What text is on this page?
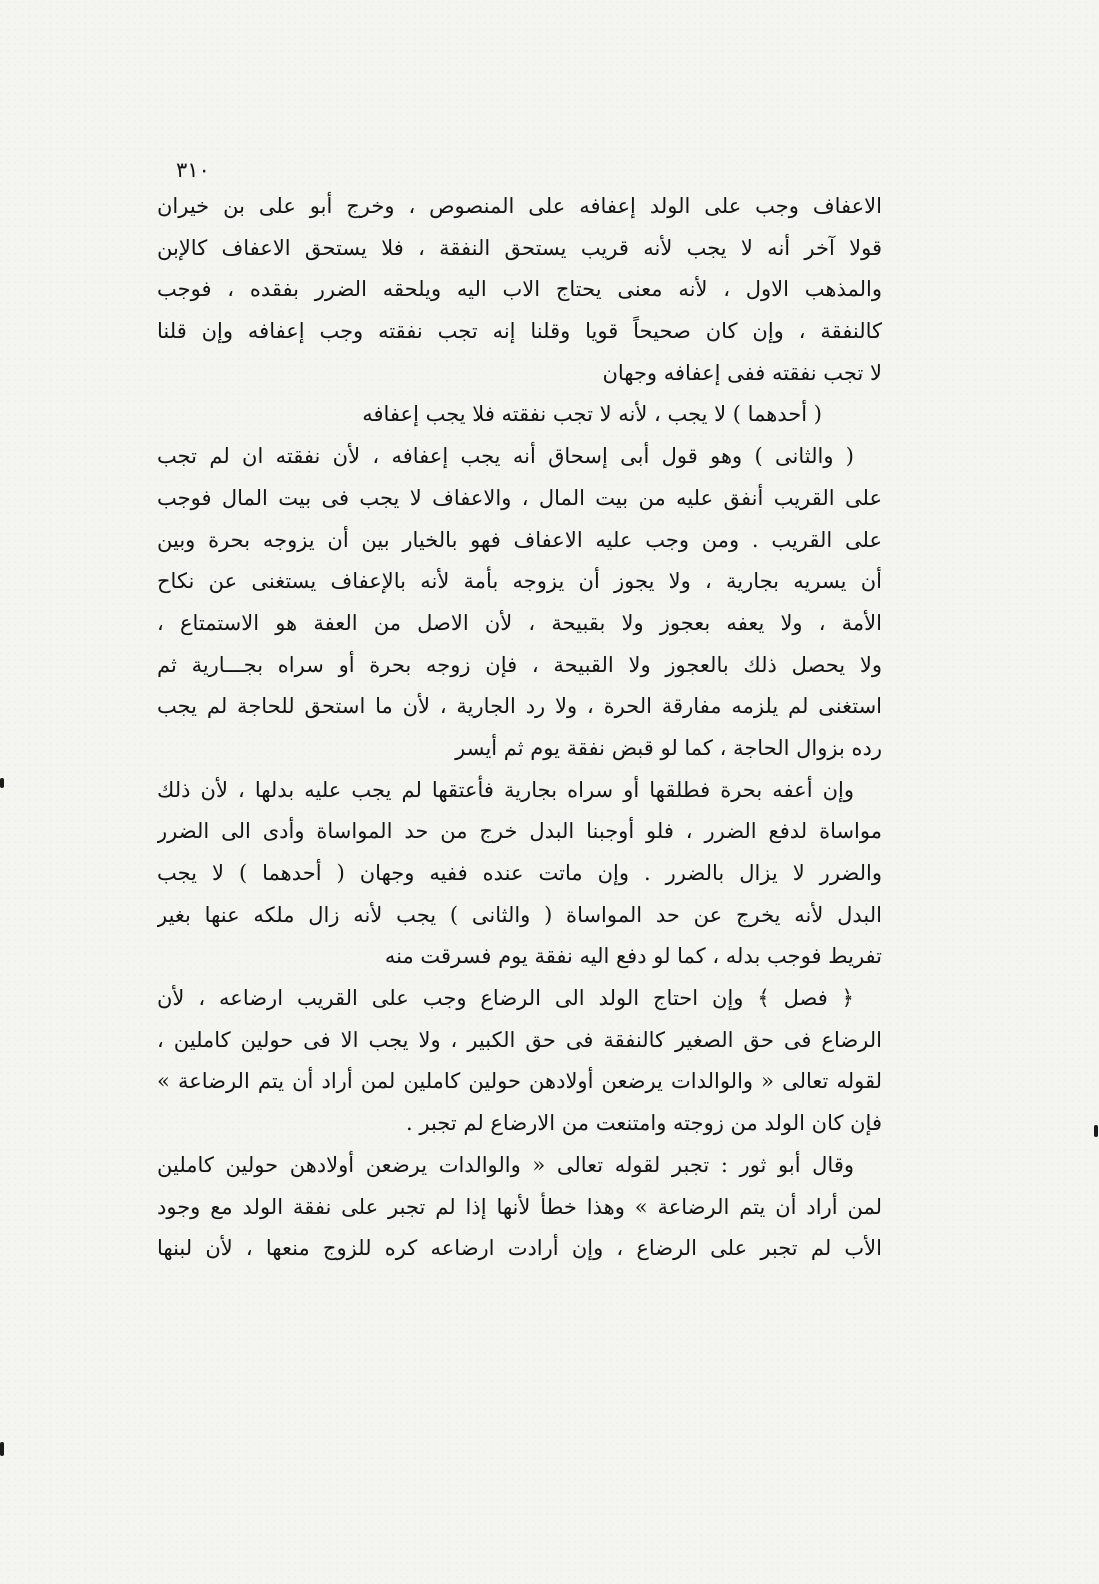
٣١٠
الاعفاف وجب على الولد إعفافه على المنصوص ، وخرج أبو على بن خيران
قولا آخر أنه لا يجب لأنه قريب يستحق النفقة ، فلا يستحق الاعفاف كالإبن
والمذهب الاول ، لأنه معنى يحتاج الاب اليه ويلحقه الضرر بفقده ، فوجب
كالنفقة ، وإن كان صحيحاً قويا وقلنا إنه تجب نفقته وجب إعفافه وإن قلنا
لا تجب نفقته ففى إعفافه وجهان
( أحدهما ) لا يجب ، لأنه لا تجب نفقته فلا يجب إعفافه
( والثانى ) وهو قول أبى إسحاق أنه يجب إعفافه ، لأن نفقته ان لم تجب
على القريب أنفق عليه من بيت المال ، والاعفاف لا يجب فى بيت المال فوجب
على القريب . ومن وجب عليه الاعفاف فهو بالخيار بين أن يزوجه بحرة وبين
أن يسريه بجارية ، ولا يجوز أن يزوجه بأمة لأنه بالإعفاف يستغنى عن نكاح
الأمة ، ولا يعفه بعجوز ولا بقبيحة ، لأن الاصل من العفة هو الاستمتاع ،
ولا يحصل ذلك بالعجوز ولا القبيحة ، فإن زوجه بحرة أو سراه بجـــارية ثم
استغنى لم يلزمه مفارقة الحرة ، ولا رد الجارية ، لأن ما استحق للحاجة لم يجب
رده بزوال الحاجة ، كما لو قبض نفقة يوم ثم أيسر
وإن أعفه بحرة فطلقها أو سراه بجارية فأعتقها لم يجب عليه بدلها ، لأن ذلك
مواساة لدفع الضرر ، فلو أوجبنا البدل خرج من حد المواساة وأدى الى الضرر
والضرر لا يزال بالضرر . وإن ماتت عنده ففيه وجهان ( أحدهما ) لا يجب
البدل لأنه يخرج عن حد المواساة ( والثانى ) يجب لأنه زال ملكه عنها بغير
تفريط فوجب بدله ، كما لو دفع اليه نفقة يوم فسرقت منه
﴿ فصل ﴾ وإن احتاج الولد الى الرضاع وجب على القريب ارضاعه ، لأن
الرضاع فى حق الصغير كالنفقة فى حق الكبير ، ولا يجب الا فى حولين كاملين ،
لقوله تعالى « والوالدات يرضعن أولادهن حولين كاملين لمن أراد أن يتم الرضاعة »
فإن كان الولد من زوجته وامتنعت من الارضاع لم تجبر .
وقال أبو ثور : تجبر لقوله تعالى « والوالدات يرضعن أولادهن حولين كاملين
لمن أراد أن يتم الرضاعة » وهذا خطأ لأنها إذا لم تجبر على نفقة الولد مع وجود
الأب لم تجبر على الرضاع ، وإن أرادت ارضاعه كره للزوج منعها ، لأن لبنها
